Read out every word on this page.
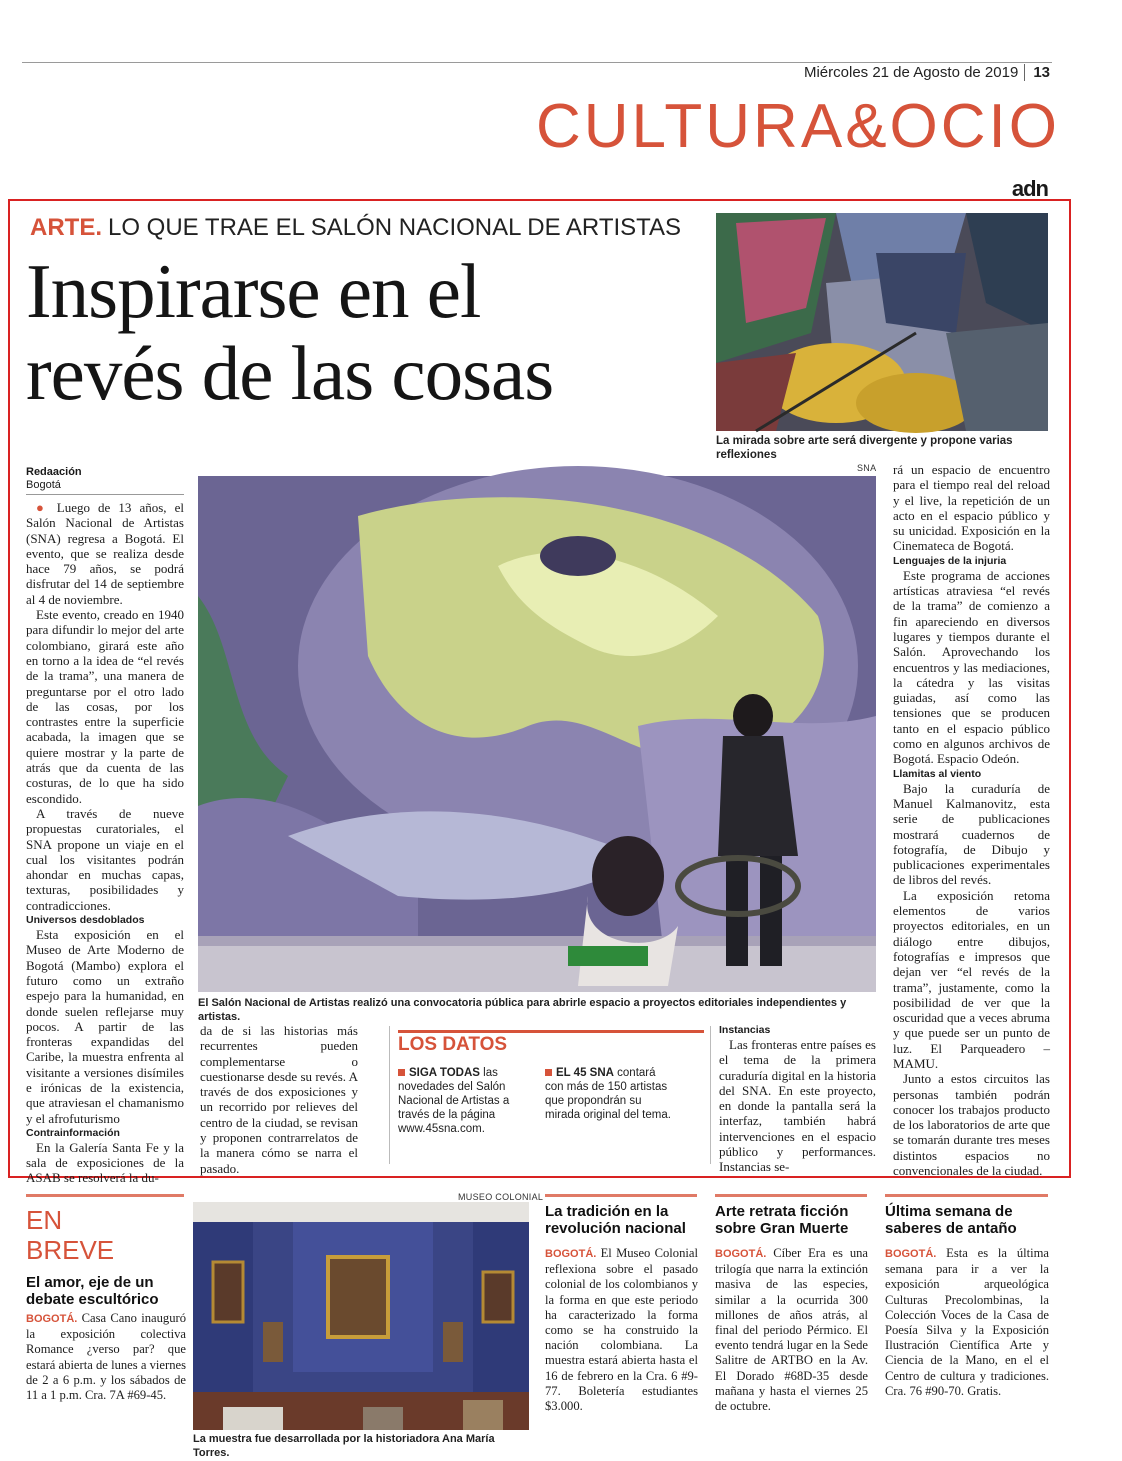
Miércoles 21 de Agosto de 2019 13
CULTURA&OCIO
adn
ARTE. LO QUE TRAE EL SALÓN NACIONAL DE ARTISTAS
Inspirarse en el
revés de las cosas
La mirada sobre arte será divergente y propone varias reflexiones
Redaación
Bogotá

● Luego de 13 años, el Salón Nacional de Artistas (SNA) regresa a Bogotá. El evento, que se realiza desde hace 79 años, se podrá disfrutar del 14 de septiembre al 4 de noviembre.

Este evento, creado en 1940 para difundir lo mejor del arte colombiano, girará este año en torno a la idea de “el revés de la trama”, una manera de preguntarse por el otro lado de las cosas, por los contrastes entre la superficie acabada, la imagen que se quiere mostrar y la parte de atrás que da cuenta de las costuras, de lo que ha sido escondido.

A través de nueve propuestas curatoriales, el SNA propone un viaje en el cual los visitantes podrán ahondar en muchas capas, texturas, posibilidades y contradicciones.

Universos desdoblados

Esta exposición en el Museo de Arte Moderno de Bogotá (Mambo) explora el futuro como un extraño espejo para la humanidad, en donde suelen reflejarse muy pocos. A partir de las fronteras expandidas del Caribe, la muestra enfrenta al visitante a versiones disímiles e irónicas de la existencia, que atraviesan el chamanismo y el afrofuturismo

Contrainformación

En la Galería Santa Fe y la sala de exposiciones de la ASAB se resolverá la du-

SNA
El Salón Nacional de Artistas realizó una convocatoria pública para abrirle espacio a proyectos editoriales independientes y artistas.

da de si las historias más recurrentes pueden complementarse o cuestionarse desde su revés. A través de dos exposiciones y un recorrido por relieves del centro de la ciudad, se revisan y proponen contrarrelatos de la manera cómo se narra el pasado.

LOS DATOS
SIGA TODAS las novedades del Salón Nacional de Artistas a través de la página www.45sna.com.
EL 45 SNA contará con más de 150 artistas que propondrán su mirada original del tema.

Instancias

Las fronteras entre países es el tema de la primera curaduría digital en la historia del SNA. En este proyecto, en donde la pantalla será la interfaz, también habrá intervenciones en el espacio público y performances. Instancias se-

rá un espacio de encuentro para el tiempo real del reload y el live, la repetición de un acto en el espacio público y su unicidad. Exposición en la Cinemateca de Bogotá.

Lenguajes de la injuria

Este programa de acciones artísticas atraviesa “el revés de la trama” de comienzo a fin apareciendo en diversos lugares y tiempos durante el Salón. Aprovechando los encuentros y las mediaciones, la cátedra y las visitas guiadas, así como las tensiones que se producen tanto en el espacio público como en algunos archivos de Bogotá. Espacio Odeón.

Llamitas al viento

Bajo la curaduría de Manuel Kalmanovitz, esta serie de publicaciones mostrará cuadernos de fotografía, de Dibujo y publicaciones experimentales de libros del revés.

La exposición retoma elementos de varios proyectos editoriales, en un diálogo entre dibujos, fotografías e impresos que dejan ver “el revés de la trama”, justamente, como la posibilidad de ver que la oscuridad que a veces abruma y que puede ser un punto de luz. El Parqueadero – MAMU.

Junto a estos circuitos las personas también podrán conocer los trabajos producto de los laboratorios de arte que se tomarán durante tres meses distintos espacios no convencionales de la ciudad.

EN
BREVE
El amor, eje de un debate escultórico
BOGOTÁ. Casa Cano inauguró la exposición colectiva Romance ¿verso par? que estará abierta de lunes a viernes de 2 a 6 p.m. y los sábados de 11 a 1 p.m. Cra. 7A #69-45.
MUSEO COLONIAL
La muestra fue desarrollada por la historiadora Ana María Torres.
La tradición en la revolución nacional
BOGOTÁ. El Museo Colonial reflexiona sobre el pasado colonial de los colombianos y la forma en que este periodo ha caracterizado la forma como se ha construido la nación colombiana. La muestra estará abierta hasta el 16 de febrero en la Cra. 6 #9-77. Boletería estudiantes $3.000.
Arte retrata ficción sobre Gran Muerte
BOGOTÁ. Cíber Era es una trilogía que narra la extinción masiva de las especies, similar a la ocurrida 300 millones de años atrás, al final del periodo Pérmico. El evento tendrá lugar en la Sede Salitre de ARTBO en la Av. El Dorado #68D-35 desde mañana y hasta el viernes 25 de octubre.
Última semana de saberes de antaño
BOGOTÁ. Esta es la última semana para ir a ver la exposición arqueológica Culturas Precolombinas, la Colección Voces de la Casa de Poesía Silva y la Exposición Ilustración Científica Arte y Ciencia de la Mano, en el el Centro de cultura y tradiciones. Cra. 76 #90-70. Gratis.
